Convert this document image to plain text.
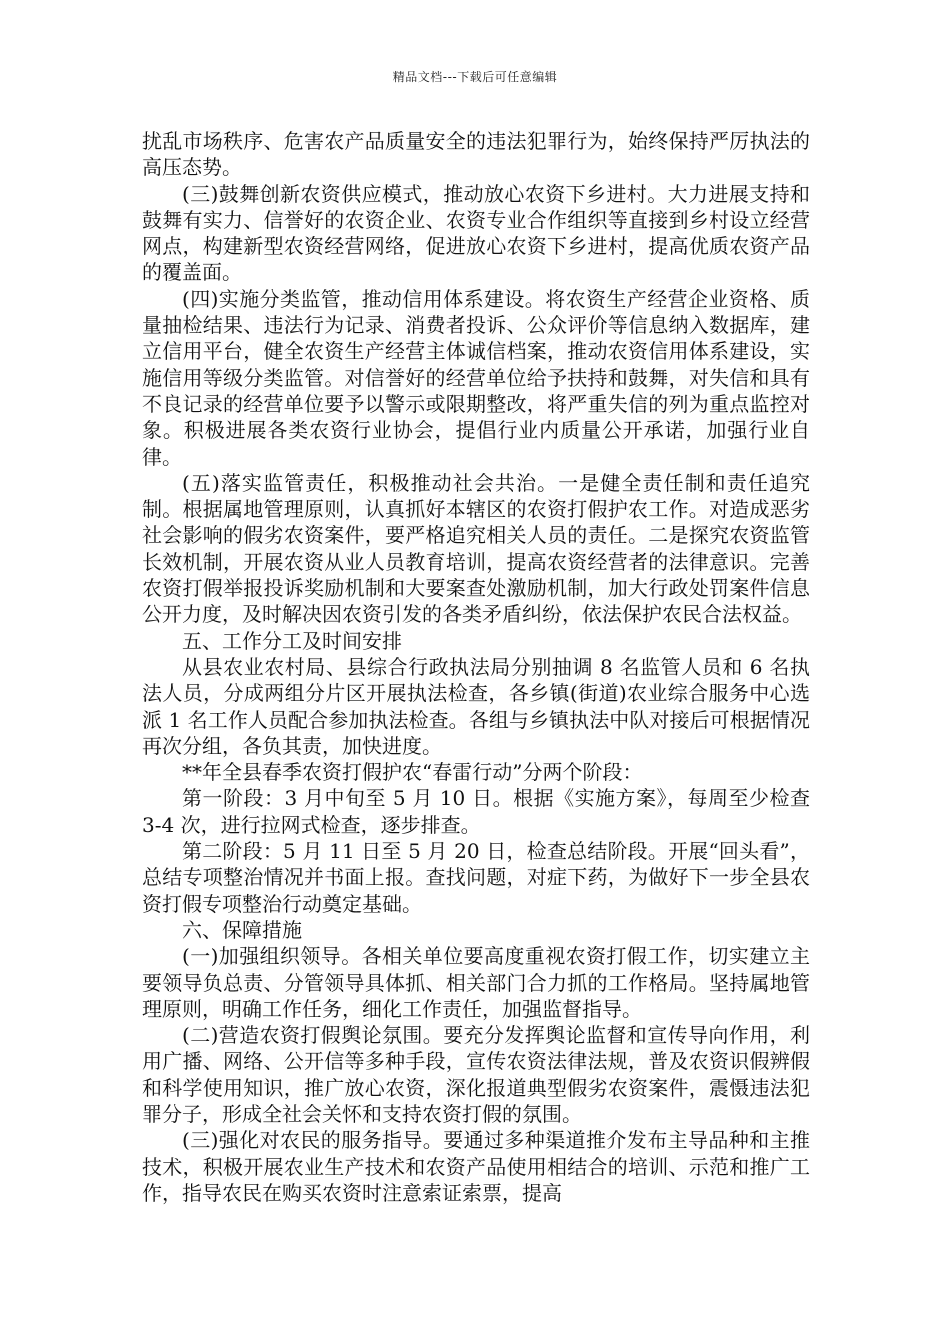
精品文档---下载后可任意编辑

扰乱市场秩序、危害农产品质量安全的违法犯罪行为，始终保持严厉执法的高压态势。

(三)鼓舞创新农资供应模式，推动放心农资下乡进村。大力进展支持和鼓舞有实力、信誉好的农资企业、农资专业合作组织等直接到乡村设立经营网点，构建新型农资经营网络，促进放心农资下乡进村，提高优质农资产品的覆盖面。

(四)实施分类监管，推动信用体系建设。将农资生产经营企业资格、质量抽检结果、违法行为记录、消费者投诉、公众评价等信息纳入数据库，建立信用平台，健全农资生产经营主体诚信档案，推动农资信用体系建设，实施信用等级分类监管。对信誉好的经营单位给予扶持和鼓舞，对失信和具有不良记录的经营单位要予以警示或限期整改，将严重失信的列为重点监控对象。积极进展各类农资行业协会，提倡行业内质量公开承诺，加强行业自律。

(五)落实监管责任，积极推动社会共治。一是健全责任制和责任追究制。根据属地管理原则，认真抓好本辖区的农资打假护农工作。对造成恶劣社会影响的假劣农资案件，要严格追究相关人员的责任。二是探究农资监管长效机制，开展农资从业人员教育培训，提高农资经营者的法律意识。完善农资打假举报投诉奖励机制和大要案查处激励机制，加大行政处罚案件信息公开力度，及时解决因农资引发的各类矛盾纠纷，依法保护农民合法权益。

五、工作分工及时间安排

从县农业农村局、县综合行政执法局分别抽调 8 名监管人员和 6 名执法人员，分成两组分片区开展执法检查，各乡镇(街道)农业综合服务中心选派 1 名工作人员配合参加执法检查。各组与乡镇执法中队对接后可根据情况再次分组，各负其责，加快进度。

**年全县春季农资打假护农“春雷行动”分两个阶段：

第一阶段：3 月中旬至 5 月 10 日。根据《实施方案》，每周至少检查 3-4 次，进行拉网式检查，逐步排查。

第二阶段：5 月 11 日至 5 月 20 日，检查总结阶段。开展“回头看”，总结专项整治情况并书面上报。查找问题，对症下药，为做好下一步全县农资打假专项整治行动奠定基础。

六、保障措施

(一)加强组织领导。各相关单位要高度重视农资打假工作，切实建立主要领导负总责、分管领导具体抓、相关部门合力抓的工作格局。坚持属地管理原则，明确工作任务，细化工作责任，加强监督指导。

(二)营造农资打假舆论氛围。要充分发挥舆论监督和宣传导向作用，利用广播、网络、公开信等多种手段，宣传农资法律法规，普及农资识假辨假和科学使用知识，推广放心农资，深化报道典型假劣农资案件，震慑违法犯罪分子，形成全社会关怀和支持农资打假的氛围。

(三)强化对农民的服务指导。要通过多种渠道推介发布主导品种和主推技术，积极开展农业生产技术和农资产品使用相结合的培训、示范和推广工作，指导农民在购买农资时注意索证索票，提高
